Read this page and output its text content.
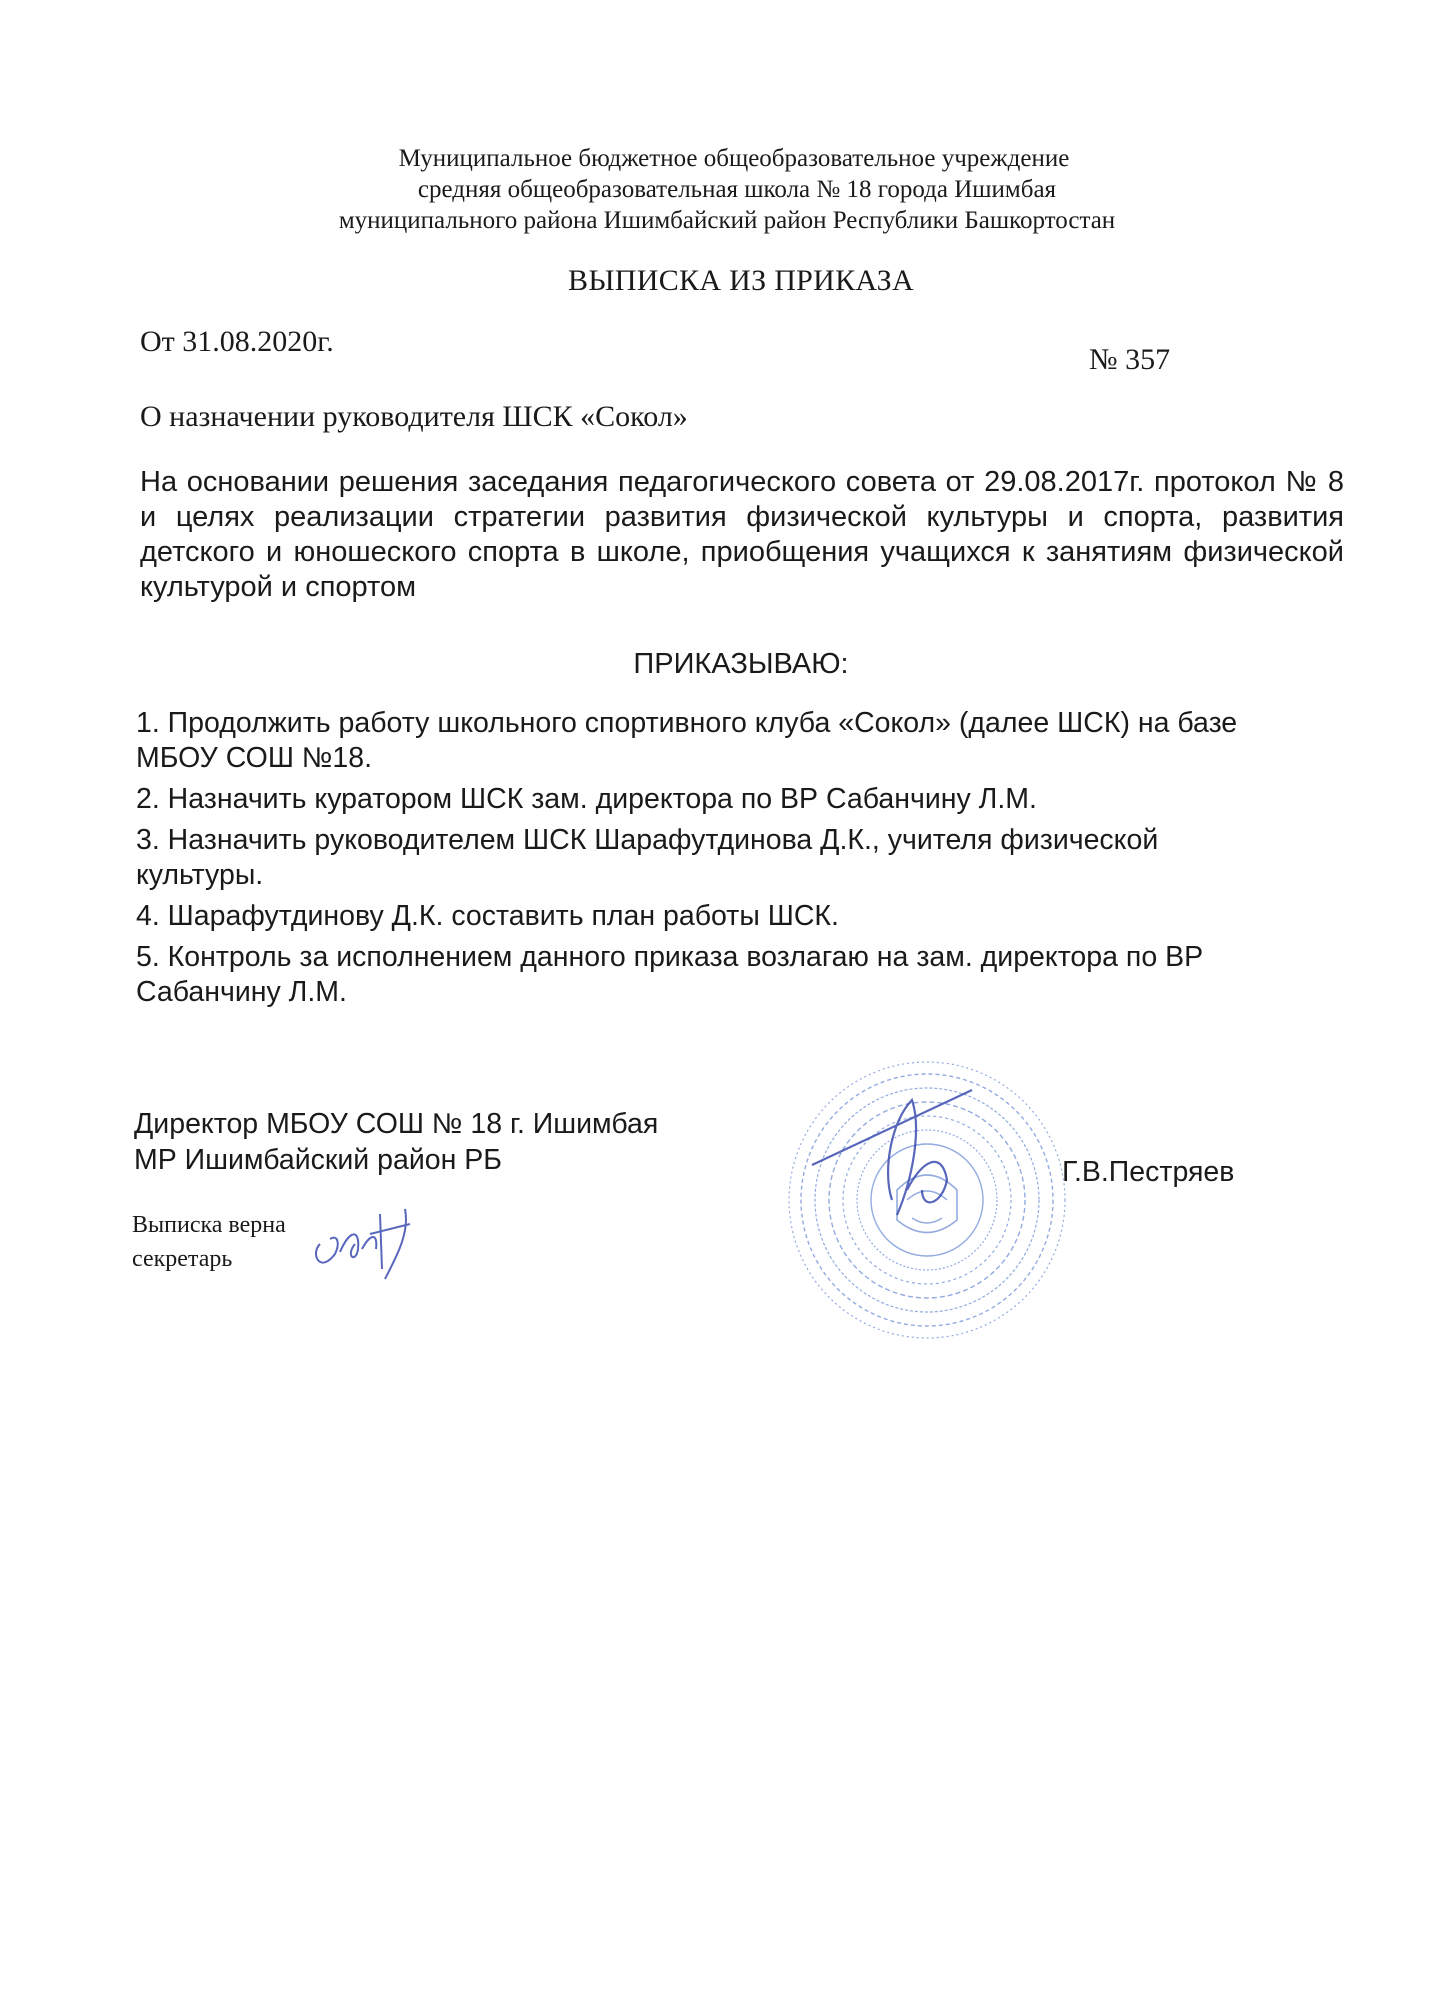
Муниципальное бюджетное общеобразовательное учреждение
средняя общеобразовательная школа № 18 города Ишимбая
муниципального района Ишимбайский район Республики Башкортостан
ВЫПИСКА ИЗ ПРИКАЗА
От 31.08.2020г.
№ 357
О назначении руководителя ШСК «Сокол»
На основании решения заседания педагогического совета от 29.08.2017г. протокол № 8 и целях реализации стратегии развития физической культуры и спорта, развития детского и юношеского спорта в школе, приобщения учащихся к занятиям физической культурой и спортом
ПРИКАЗЫВАЮ:
1. Продолжить работу школьного спортивного клуба «Сокол» (далее ШСК) на базе МБОУ СОШ №18.
2. Назначить куратором ШСК зам. директора по ВР Сабанчину Л.М.
3. Назначить руководителем ШСК Шарафутдинова Д.К., учителя физической культуры.
4. Шарафутдинову Д.К. составить план работы ШСК.
5. Контроль за исполнением данного приказа возлагаю на зам. директора по ВР Сабанчину Л.М.
Директор МБОУ СОШ № 18 г. Ишимбая
МР Ишимбайский район РБ	Г.В.Пестряев
Выписка верна
секретарь
